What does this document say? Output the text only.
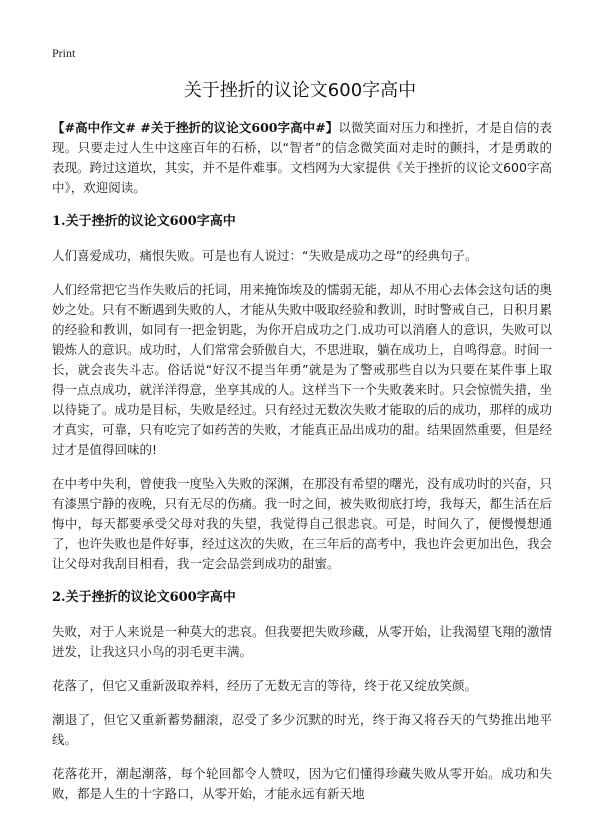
Print
关于挫折的议论文600字高中

【#高中作文# #关于挫折的议论文600字高中#】以微笑面对压力和挫折，才是自信的表现。只要走过人生中这座百年的石桥，以“智者”的信念微笑面对走时的颤抖，才是勇敢的表现。跨过这道坎，其实，并不是件难事。文档网为大家提供《关于挫折的议论文600字高中》，欢迎阅读。

1.关于挫折的议论文600字高中

人们喜爱成功，痛恨失败。可是也有人说过：“失败是成功之母”的经典句子。

人们经常把它当作失败后的托词，用来掩饰埃及的懦弱无能，却从不用心去体会这句话的奥妙之处。只有不断遇到失败的人，才能从失败中吸取经验和教训，时时警戒自己，日积月累的经验和教训，如同有一把金钥匙，为你开启成功之门.成功可以消磨人的意识，失败可以锻炼人的意识。成功时，人们常常会骄傲自大，不思进取，躺在成功上，自鸣得意。时间一长，就会丧失斗志。俗话说“好汉不提当年勇”就是为了警戒那些自以为只要在某件事上取得一点点成功，就洋洋得意，坐享其成的人。这样当下一个失败袭来时。只会惊慌失措，坐以待毙了。成功是目标，失败是经过。只有经过无数次失败才能取的后的成功，那样的成功才真实，可靠，只有吃完了如药苦的失败，才能真正品出成功的甜。结果固然重要，但是经过才是值得回味的!

在中考中失利，曾使我一度坠入失败的深渊，在那没有希望的曙光，没有成功时的兴奋，只有漆黑宁静的夜晚，只有无尽的伤痛。我一时之间，被失败彻底打垮，我每天，都生活在后悔中，每天都要承受父母对我的失望，我觉得自己很悲哀。可是，时间久了，便慢慢想通了，也许失败也是件好事，经过这次的失败，在三年后的高考中，我也许会更加出色，我会让父母对我刮目相看，我一定会品尝到成功的甜蜜。

2.关于挫折的议论文600字高中

失败，对于人来说是一种莫大的悲哀。但我要把失败珍藏，从零开始，让我渴望飞翔的激情迸发，让我这只小鸟的羽毛更丰满。

花落了，但它又重新汲取养料，经历了无数无言的等待，终于花又绽放笑颜。

潮退了，但它又重新蓄势翻滚，忍受了多少沉默的时光，终于海又将吞天的气势推出地平线。

花落花开，潮起潮落，每个轮回都令人赞叹，因为它们懂得珍藏失败从零开始。成功和失败，都是人生的十字路口，从零开始，才能永远有新天地
